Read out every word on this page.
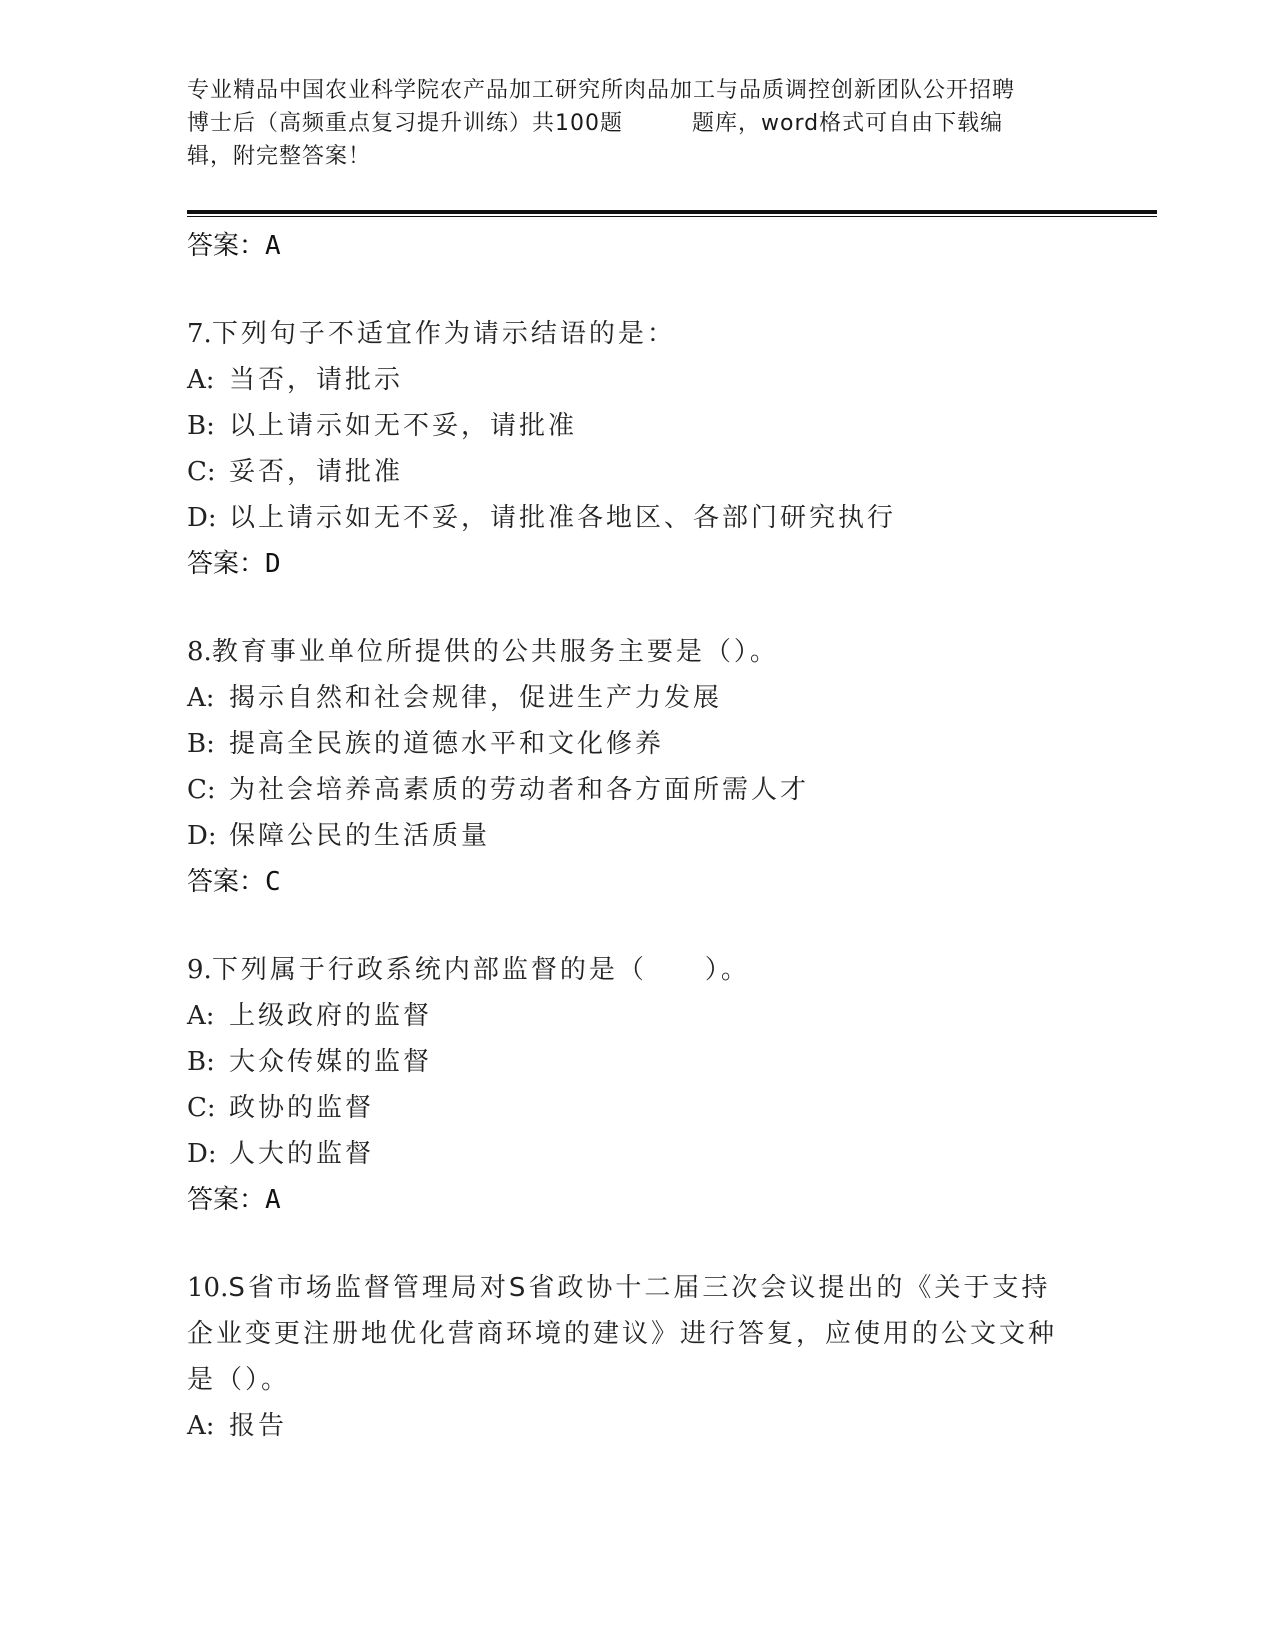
专业精品中国农业科学院农产品加工研究所肉品加工与品质调控创新团队公开招聘
博士后（高频重点复习提升训练）共100题　　　题库，word格式可自由下载编
辑，附完整答案！
答案：A
7.下列句子不适宜作为请示结语的是：
A: 当否，请批示
B: 以上请示如无不妥，请批准
C: 妥否，请批准
D: 以上请示如无不妥，请批准各地区、各部门研究执行
答案：D
8.教育事业单位所提供的公共服务主要是（）。
A: 揭示自然和社会规律，促进生产力发展
B: 提高全民族的道德水平和文化修养
C: 为社会培养高素质的劳动者和各方面所需人才
D: 保障公民的生活质量
答案：C
9.下列属于行政系统内部监督的是（　　）。
A: 上级政府的监督
B: 大众传媒的监督
C: 政协的监督
D: 人大的监督
答案：A
10.S省市场监督管理局对S省政协十二届三次会议提出的《关于支持
企业变更注册地优化营商环境的建议》进行答复，应使用的公文文种
是（）。
A: 报告
